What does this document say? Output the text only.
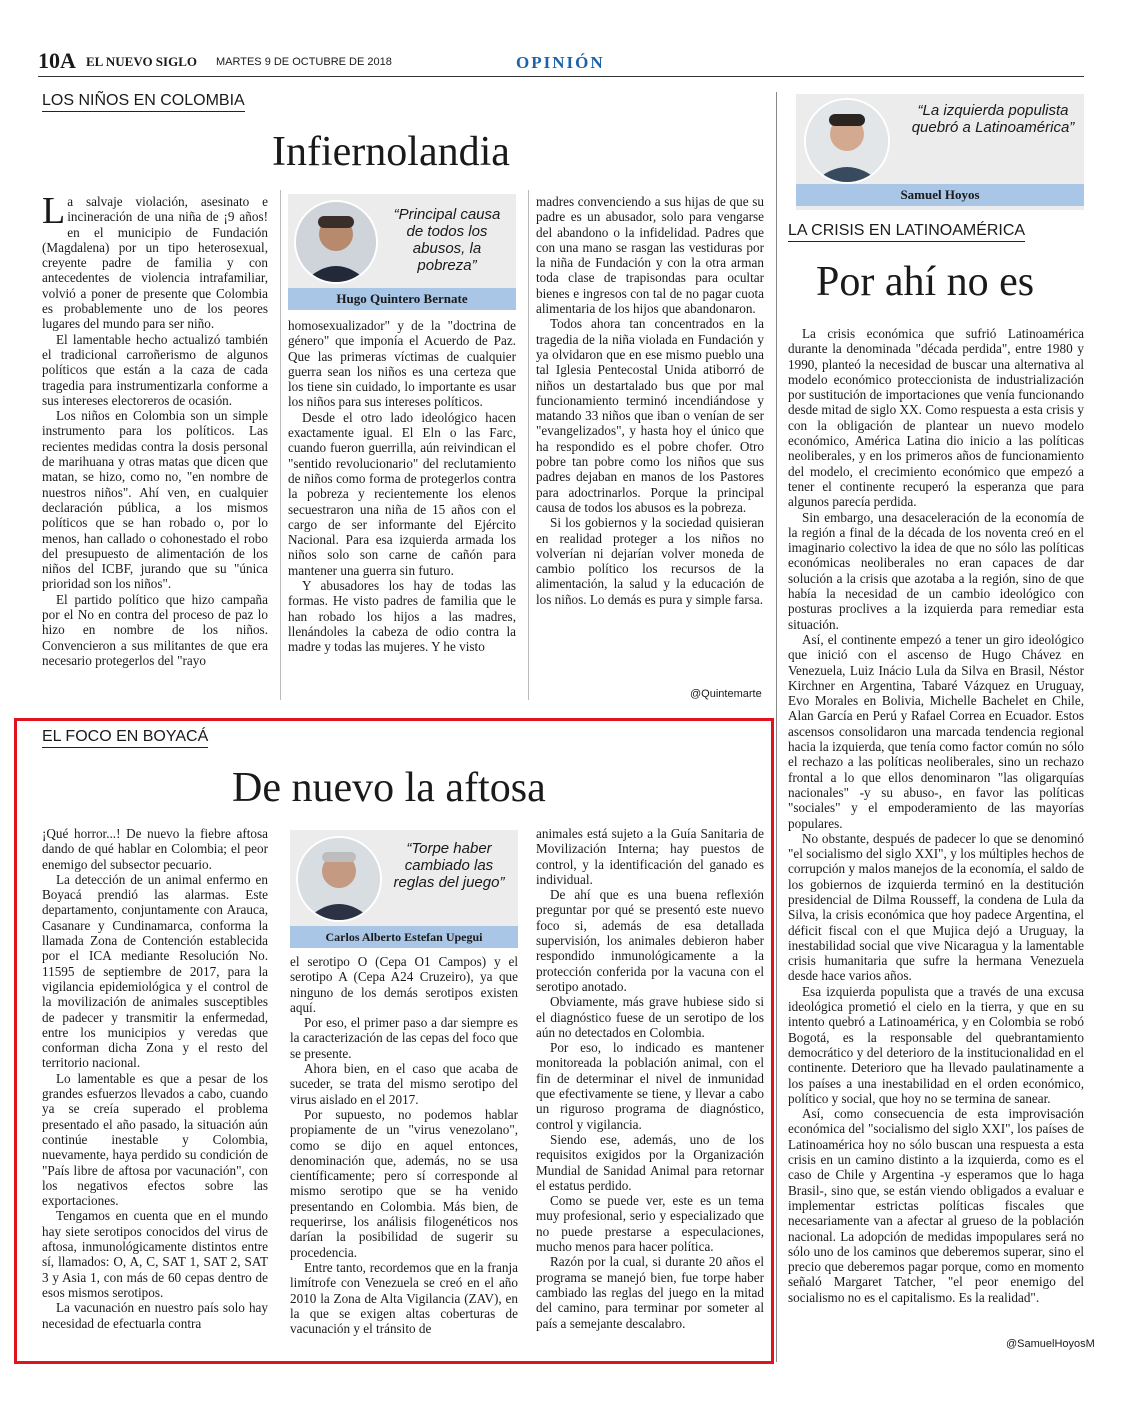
10A EL NUEVO SIGLO MARTES 9 DE OCTUBRE DE 2018	OPINIÓN
LOS NIÑOS EN COLOMBIA
Infiernolandia

La salvaje violación, asesinato e incineración de una niña de ¡9 años! en el municipio de Fundación (Magdalena) por un tipo heterosexual, creyente padre de familia y con antecedentes de violencia intrafamiliar, volvió a poner de presente que Colombia es probablemente uno de los peores lugares del mundo para ser niño.

El lamentable hecho actualizó también el tradicional carroñerismo de algunos políticos que están a la caza de cada tragedia para instrumentizarla conforme a sus intereses electoreros de ocasión.

Los niños en Colombia son un simple instrumento para los políticos. Las recientes medidas contra la dosis personal de marihuana y otras matas que dicen que matan, se hizo, como no, "en nombre de nuestros niños". Ahí ven, en cualquier declaración pública, a los mismos políticos que se han robado o, por lo menos, han callado o cohonestado el robo del presupuesto de alimentación de los niños del ICBF, jurando que su "única prioridad son los niños".

El partido político que hizo campaña por el No en contra del proceso de paz lo hizo en nombre de los niños. Convencieron a sus militantes de que era necesario protegerlos del "rayo

“Principal causa de todos los abusos, la pobreza”
Hugo Quintero Bernate

homosexualizador" y de la "doctrina de género" que imponía el Acuerdo de Paz. Que las primeras víctimas de cualquier guerra sean los niños es una certeza que los tiene sin cuidado, lo importante es usar los niños para sus intereses políticos.

Desde el otro lado ideológico hacen exactamente igual. El Eln o las Farc, cuando fueron guerrilla, aún reivindican el "sentido revolucionario" del reclutamiento de niños como forma de protegerlos contra la pobreza y recientemente los elenos secuestraron una niña de 15 años con el cargo de ser informante del Ejército Nacional. Para esa izquierda armada los niños solo son carne de cañón para mantener una guerra sin futuro.

Y abusadores los hay de todas las formas. He visto padres de familia que le han robado los hijos a las madres, llenándoles la cabeza de odio contra la madre y todas las mujeres. Y he visto

madres convenciendo a sus hijas de que su padre es un abusador, solo para vengarse del abandono o la infidelidad. Padres que con una mano se rasgan las vestiduras por la niña de Fundación y con la otra arman toda clase de trapisondas para ocultar bienes e ingresos con tal de no pagar cuota alimentaria de los hijos que abandonaron.

Todos ahora tan concentrados en la tragedia de la niña violada en Fundación y ya olvidaron que en ese mismo pueblo una tal Iglesia Pentecostal Unida atiborró de niños un destartalado bus que por mal funcionamiento terminó incendiándose y matando 33 niños que iban o venían de ser "evangelizados", y hasta hoy el único que ha respondido es el pobre chofer. Otro pobre tan pobre como los niños que sus padres dejaban en manos de los Pastores para adoctrinarlos. Porque la principal causa de todos los abusos es la pobreza.

Si los gobiernos y la sociedad quisieran en realidad proteger a los niños no volverían ni dejarían volver moneda de cambio político los recursos de la alimentación, la salud y la educación de los niños. Lo demás es pura y simple farsa.

@Quintemarte
EL FOCO EN BOYACÁ
De nuevo la aftosa

¡Qué horror...! De nuevo la fiebre aftosa dando de qué hablar en Colombia; el peor enemigo del subsector pecuario.

La detección de un animal enfermo en Boyacá prendió las alarmas. Este departamento, conjuntamente con Arauca, Casanare y Cundinamarca, conforma la llamada Zona de Contención establecida por el ICA mediante Resolución No. 11595 de septiembre de 2017, para la vigilancia epidemiológica y el control de la movilización de animales susceptibles de padecer y transmitir la enfermedad, entre los municipios y veredas que conforman dicha Zona y el resto del territorio nacional.

Lo lamentable es que a pesar de los grandes esfuerzos llevados a cabo, cuando ya se creía superado el problema presentado el año pasado, la situación aún continúe inestable y Colombia, nuevamente, haya perdido su condición de "País libre de aftosa por vacunación", con los negativos efectos sobre las exportaciones.

Tengamos en cuenta que en el mundo hay siete serotipos conocidos del virus de aftosa, inmunológicamente distintos entre sí, llamados: O, A, C, SAT 1, SAT 2, SAT 3 y Asia 1, con más de 60 cepas dentro de esos mismos serotipos.

La vacunación en nuestro país solo hay necesidad de efectuarla contra

“Torpe haber cambiado las reglas del juego”
Carlos Alberto Estefan Upegui

el serotipo O (Cepa O1 Campos) y el serotipo A (Cepa A24 Cruzeiro), ya que ninguno de los demás serotipos existen aquí.

Por eso, el primer paso a dar siempre es la caracterización de las cepas del foco que se presente.

Ahora bien, en el caso que acaba de suceder, se trata del mismo serotipo del virus aislado en el 2017.

Por supuesto, no podemos hablar propiamente de un "virus venezolano", como se dijo en aquel entonces, denominación que, además, no se usa científicamente; pero sí corresponde al mismo serotipo que se ha venido presentando en Colombia. Más bien, de requerirse, los análisis filogenéticos nos darían la posibilidad de sugerir su procedencia.

Entre tanto, recordemos que en la franja limítrofe con Venezuela se creó en el año 2010 la Zona de Alta Vigilancia (ZAV), en la que se exigen altas coberturas de vacunación y el tránsito de

animales está sujeto a la Guía Sanitaria de Movilización Interna; hay puestos de control, y la identificación del ganado es individual.

De ahí que es una buena reflexión preguntar por qué se presentó este nuevo foco si, además de esa detallada supervisión, los animales debieron haber respondido inmunológicamente a la protección conferida por la vacuna con el serotipo anotado.

Obviamente, más grave hubiese sido si el diagnóstico fuese de un serotipo de los aún no detectados en Colombia.

Por eso, lo indicado es mantener monitoreada la población animal, con el fin de determinar el nivel de inmunidad que efectivamente se tiene, y llevar a cabo un riguroso programa de diagnóstico, control y vigilancia.

Siendo ese, además, uno de los requisitos exigidos por la Organización Mundial de Sanidad Animal para retornar el estatus perdido.

Como se puede ver, este es un tema muy profesional, serio y especializado que no puede prestarse a especulaciones, mucho menos para hacer política.

Razón por la cual, si durante 20 años el programa se manejó bien, fue torpe haber cambiado las reglas del juego en la mitad del camino, para terminar por someter al país a semejante descalabro.

“La izquierda populista quebró a Latinoamérica”
Samuel Hoyos
LA CRISIS EN LATINOAMÉRICA
Por ahí no es

La crisis económica que sufrió Latinoamérica durante la denominada "década perdida", entre 1980 y 1990, planteó la necesidad de buscar una alternativa al modelo económico proteccionista de industrialización por sustitución de importaciones que venía funcionando desde mitad de siglo XX. Como respuesta a esta crisis y con la obligación de plantear un nuevo modelo económico, América Latina dio inicio a las políticas neoliberales, y en los primeros años de funcionamiento del modelo, el crecimiento económico que empezó a tener el continente recuperó la esperanza que para algunos parecía perdida.

Sin embargo, una desaceleración de la economía de la región a final de la década de los noventa creó en el imaginario colectivo la idea de que no sólo las políticas económicas neoliberales no eran capaces de dar solución a la crisis que azotaba a la región, sino de que había la necesidad de un cambio ideológico con posturas proclives a la izquierda para remediar esta situación.

Así, el continente empezó a tener un giro ideológico que inició con el ascenso de Hugo Chávez en Venezuela, Luiz Inácio Lula da Silva en Brasil, Néstor Kirchner en Argentina, Tabaré Vázquez en Uruguay, Evo Morales en Bolivia, Michelle Bachelet en Chile, Alan García en Perú y Rafael Correa en Ecuador. Estos ascensos consolidaron una marcada tendencia regional hacia la izquierda, que tenía como factor común no sólo el rechazo a las políticas neoliberales, sino un rechazo frontal a lo que ellos denominaron "las oligarquías nacionales" -y su abuso-, en favor las políticas "sociales" y el empoderamiento de las mayorías populares.

No obstante, después de padecer lo que se denominó "el socialismo del siglo XXI", y los múltiples hechos de corrupción y malos manejos de la economía, el saldo de los gobiernos de izquierda terminó en la destitución presidencial de Dilma Rousseff, la condena de Lula da Silva, la crisis económica que hoy padece Argentina, el déficit fiscal con el que Mujica dejó a Uruguay, la inestabilidad social que vive Nicaragua y la lamentable crisis humanitaria que sufre la hermana Venezuela desde hace varios años.

Esa izquierda populista que a través de una excusa ideológica prometió el cielo en la tierra, y que en su intento quebró a Latinoamérica, y en Colombia se robó Bogotá, es la responsable del quebrantamiento democrático y del deterioro de la institucionalidad en el continente. Deterioro que ha llevado paulatinamente a los países a una inestabilidad en el orden económico, político y social, que hoy no se termina de sanear.

Así, como consecuencia de esta improvisación económica del "socialismo del siglo XXI", los países de Latinoamérica hoy no sólo buscan una respuesta a esta crisis en un camino distinto a la izquierda, como es el caso de Chile y Argentina -y esperamos que lo haga Brasil-, sino que, se están viendo obligados a evaluar e implementar estrictas políticas fiscales que necesariamente van a afectar al grueso de la población nacional. La adopción de medidas impopulares será no sólo uno de los caminos que deberemos superar, sino el precio que deberemos pagar porque, como en momento señaló Margaret Tatcher, "el peor enemigo del socialismo no es el capitalismo. Es la realidad".

@SamuelHoyosM
